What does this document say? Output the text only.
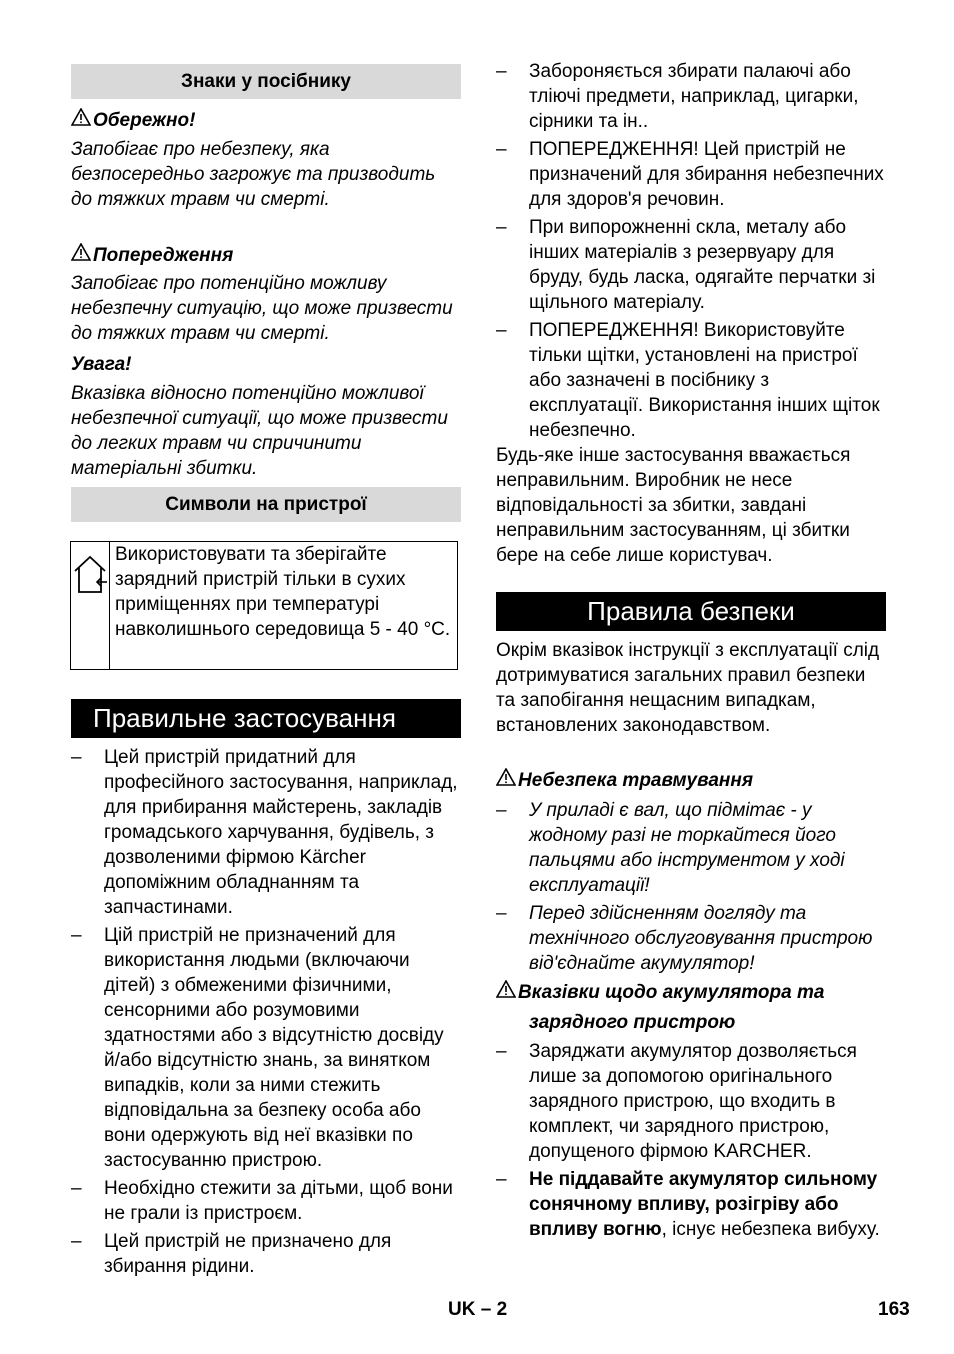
Знаки у посібнику
Обережно!

Запобігає про небезпеку, яка безпосередньо загрожує та призводить до тяжких травм чи смерті.

Попередження

Запобігає про потенційно можливу небезпечну ситуацію, що може призвести до тяжких травм чи смерті.

Увага!

Вказівка відносно потенційно можливої небезпечної ситуації, що може призвести до легких травм чи спричинити матеріальні збитки.

Символи на пристрої
Використовувати та зберігайте зарядний пристрій тільки в сухих приміщеннях при температурі навколишнього середовища 5 - 40 °C.
Правильне застосування
– Цей пристрій придатний для професійного застосування, наприклад, для прибирання майстерень, закладів громадського харчування, будівель, з дозволеними фірмою Kärcher допоміжним обладнанням та запчастинами.
– Цій пристрій не призначений для використання людьми (включаючи дітей) з обмеженими фізичними, сенсорними або розумовими здатностями або з відсутністю досвіду й/або відсутністю знань, за винятком випадків, коли за ними стежить відповідальна за безпеку особа або вони одержують від неї вказівки по застосуванню пристрою.
– Необхідно стежити за дітьми, щоб вони не грали із пристроєм.
– Цей пристрій не призначено для збирання рідини.
– Забороняється збирати палаючі або тліючі предмети, наприклад, цигарки, сірники та ін..
– ПОПЕРЕДЖЕННЯ! Цей пристрій не призначений для збирання небезпечних для здоров'я речовин.
– При випорожненні скла, металу або інших матеріалів з резервуару для бруду, будь ласка, одягайте перчатки зі щільного матеріалу.
– ПОПЕРЕДЖЕННЯ! Використовуйте тільки щітки, установлені на пристрої або зазначені в посібнику з експлуатації. Використання інших щіток небезпечно.

Будь-яке інше застосування вважається неправильним. Виробник не несе відповідальності за збитки, завдані неправильним застосуванням, ці збитки бере на себе лише користувач.

Правила безпеки

Окрім вказівок інструкції з експлуатації слід дотримуватися загальних правил безпеки та запобігання нещасним випадкам, встановлених законодавством.

Небезпека травмування
– У приладі є вал, що підмітає - у жодному разі не торкайтеся його пальцями або інструментом у ході експлуатації!
– Перед здійсненням догляду та технічного обслуговування пристрою від'єднайте акумулятор!
Вказівки щодо акумулятора та
зарядного пристрою
– Заряджати акумулятор дозволяється лише за допомогою оригінального зарядного пристрою, що входить в комплект, чи зарядного пристрою, допущеного фірмою KARCHER.
– Не піддавайте акумулятор сильному сонячному впливу, розігріву або впливу вогню, існує небезпека вибуху.
UK – 2	163
